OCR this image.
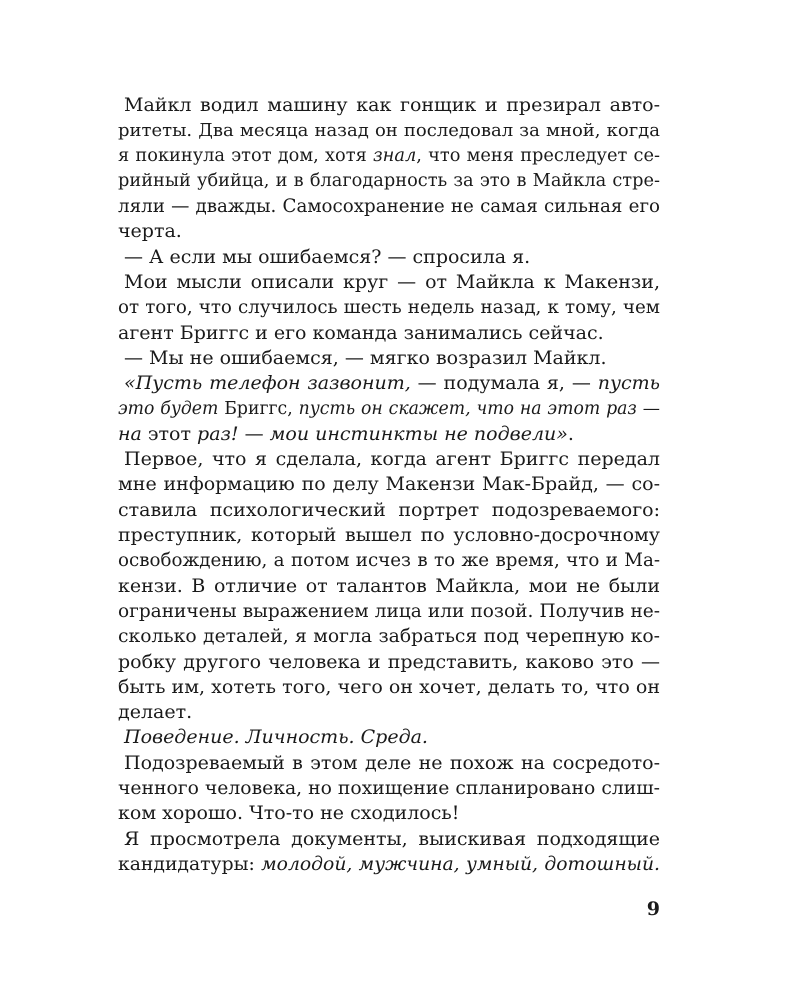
Майкл водил машину как гонщик и презирал авто-
ритеты. Два месяца назад он последовал за мной, когда
я покинула этот дом, хотя знал, что меня преследует се-
рийный убийца, и в благодарность за это в Майкла стре-
ляли — дважды. Самосохранение не самая сильная его
черта.
— А если мы ошибаемся? — спросила я.
Мои мысли описали круг — от Майкла к Макензи,
от того, что случилось шесть недель назад, к тому, чем
агент Бриггс и его команда занимались сейчас.
— Мы не ошибаемся, — мягко возразил Майкл.
«Пусть телефон зазвонит, — подумала я, — пусть
это будет Бриггс, пусть он скажет, что на этот раз —
на этот раз! — мои инстинкты не подвели».
Первое, что я сделала, когда агент Бриггс передал
мне информацию по делу Макензи Мак-Брайд, — со-
ставила психологический портрет подозреваемого:
преступник, который вышел по условно-досрочному
освобождению, а потом исчез в то же время, что и Ма-
кензи. В отличие от талантов Майкла, мои не были
ограничены выражением лица или позой. Получив не-
сколько деталей, я могла забраться под черепную ко-
робку другого человека и представить, каково это —
быть им, хотеть того, чего он хочет, делать то, что он
делает.
Поведение. Личность. Среда.
Подозреваемый в этом деле не похож на сосредото-
ченного человека, но похищение спланировано слиш-
ком хорошо. Что-то не сходилось!
Я просмотрела документы, выискивая подходящие
кандидатуры: молодой, мужчина, умный, дотошный.
9
